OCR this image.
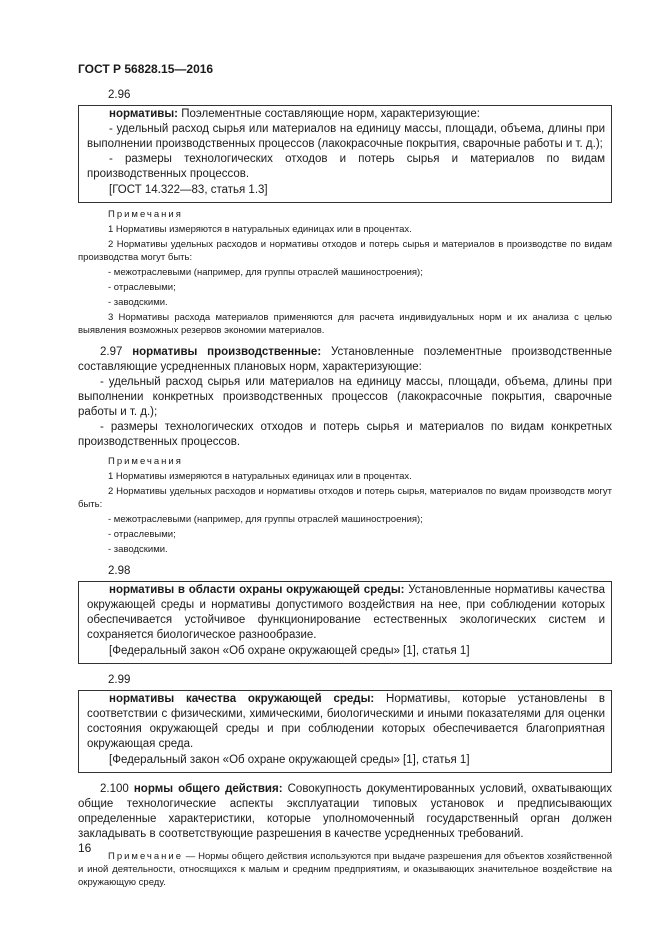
ГОСТ Р 56828.15—2016
2.96

нормативы: Поэлементные составляющие норм, характеризующие:

- удельный расход сырья или материалов на единицу массы, площади, объема, длины при выполнении производственных процессов (лакокрасочные покрытия, сварочные работы и т. д.);

- размеры технологических отходов и потерь сырья и материалов по видам производственных процессов.

[ГОСТ 14.322—83, статья 1.3]

Примечания

1 Нормативы измеряются в натуральных единицах или в процентах.

2 Нормативы удельных расходов и нормативы отходов и потерь сырья и материалов в производстве по видам производства могут быть:

- межотраслевыми (например, для группы отраслей машиностроения);

- отраслевыми;

- заводскими.

3 Нормативы расхода материалов применяются для расчета индивидуальных норм и их анализа с целью выявления возможных резервов экономии материалов.

2.97 нормативы производственные: Установленные поэлементные производственные составляющие усредненных плановых норм, характеризующие:

- удельный расход сырья или материалов на единицу массы, площади, объема, длины при выполнении конкретных производственных процессов (лакокрасочные покрытия, сварочные работы и т. д.);

- размеры технологических отходов и потерь сырья и материалов по видам конкретных производственных процессов.

Примечания

1 Нормативы измеряются в натуральных единицах или в процентах.

2 Нормативы удельных расходов и нормативы отходов и потерь сырья, материалов по видам производств могут быть:

- межотраслевыми (например, для группы отраслей машиностроения);

- отраслевыми;

- заводскими.

2.98

нормативы в области охраны окружающей среды: Установленные нормативы качества окружающей среды и нормативы допустимого воздействия на нее, при соблюдении которых обеспечивается устойчивое функционирование естественных экологических систем и сохраняется биологическое разнообразие.

[Федеральный закон «Об охране окружающей среды» [1], статья 1]

2.99

нормативы качества окружающей среды: Нормативы, которые установлены в соответствии с физическими, химическими, биологическими и иными показателями для оценки состояния окружающей среды и при соблюдении которых обеспечивается благоприятная окружающая среда.

[Федеральный закон «Об охране окружающей среды» [1], статья 1]

2.100 нормы общего действия: Совокупность документированных условий, охватывающих общие технологические аспекты эксплуатации типовых установок и предписывающих определенные характеристики, которые уполномоченный государственный орган должен закладывать в соответствующие разрешения в качестве усредненных требований.

Примечание — Нормы общего действия используются при выдаче разрешения для объектов хозяйственной и иной деятельности, относящихся к малым и средним предприятиям, и оказывающих значительное воздействие на окружающую среду.

16
